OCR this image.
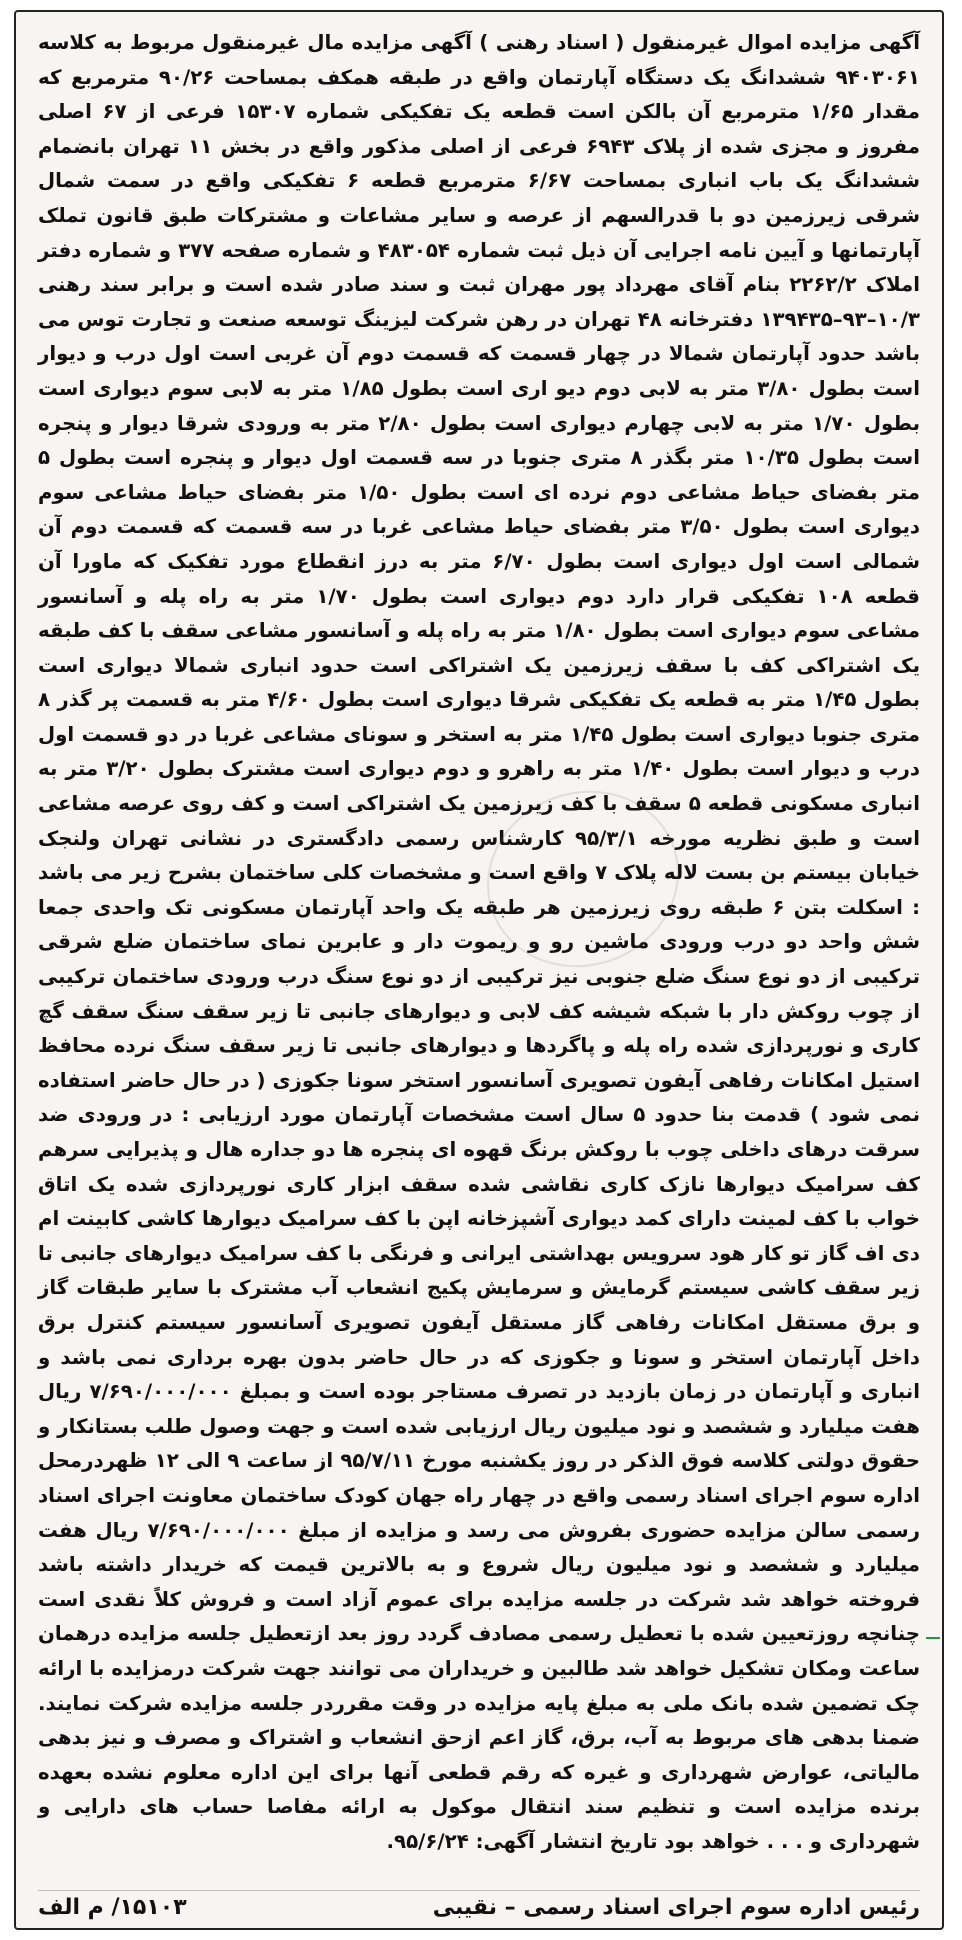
آگهی مزایده اموال غیرمنقول ( اسناد رهنی ) آگهی مزایده مال غیرمنقول مربوط به کلاسه ۹۴۰۳۰۶۱ ششدانگ یک دستگاه آپارتمان واقع در طبقه همکف بمساحت ۹۰/۲۶ مترمربع که مقدار ۱/۶۵ مترمربع آن بالکن است قطعه یک تفکیکی شماره ۱۵۳۰۷ فرعی از ۶۷ اصلی مفروز و مجزی شده از پلاک ۶۹۴۳ فرعی از اصلی مذکور واقع در بخش ۱۱ تهران بانضمام ششدانگ یک باب انباری بمساحت ۶/۶۷ مترمربع قطعه ۶ تفکیکی واقع در سمت شمال شرقی زیرزمین دو با قدرالسهم از عرصه و سایر مشاعات و مشترکات طبق قانون تملک آپارتمانها و آیین نامه اجرایی آن ذیل ثبت شماره ۴۸۳۰۵۴ و شماره صفحه ۳۷۷ و شماره دفتر املاک ۲۲۶۲/۲ بنام آقای مهرداد پور مهران ثبت و سند صادر شده است و برابر سند رهنی ۱۰/۳–۹۳–۱۳۹۴۳۵ دفترخانه ۴۸ تهران در رهن شرکت لیزینگ توسعه صنعت و تجارت توس می باشد حدود آپارتمان شمالا در چهار قسمت که قسمت دوم آن غربی است اول درب و دیوار است بطول ۳/۸۰ متر به لابی دوم دیو اری است بطول ۱/۸۵ متر به لابی سوم دیواری است بطول ۱/۷۰ متر به لابی چهارم دیواری است بطول ۲/۸۰ متر به ورودی شرقا دیوار و پنجره است بطول ۱۰/۳۵ متر بگذر ۸ متری جنوبا در سه قسمت اول دیوار و پنجره است بطول ۵ متر بفضای حیاط مشاعی دوم نرده ای است بطول ۱/۵۰ متر بفضای حیاط مشاعی سوم دیواری است بطول ۳/۵۰ متر بفضای حیاط مشاعی غربا در سه قسمت که قسمت دوم آن شمالی است اول دیواری است بطول ۶/۷۰ متر به درز انقطاع مورد تفکیک که ماورا آن قطعه ۱۰۸ تفکیکی قرار دارد دوم دیواری است بطول ۱/۷۰ متر به راه پله و آسانسور مشاعی سوم دیواری است بطول ۱/۸۰ متر به راه پله و آسانسور مشاعی سقف با کف طبقه یک اشتراکی کف با سقف زیرزمین یک اشتراکی است حدود انباری شمالا دیواری است بطول ۱/۴۵ متر به قطعه یک تفکیکی شرقا دیواری است بطول ۴/۶۰ متر به قسمت پر گذر ۸ متری جنوبا دیواری است بطول ۱/۴۵ متر به استخر و سونای مشاعی غربا در دو قسمت اول درب و دیوار است بطول ۱/۴۰ متر به راهرو و دوم دیواری است مشترک بطول ۳/۲۰ متر به انباری مسکونی قطعه ۵ سقف با کف زیرزمین یک اشتراکی است و کف روی عرصه مشاعی است و طبق نظریه مورخه ۹۵/۳/۱ کارشناس رسمی دادگستری در نشانی تهران ولنجک خیابان بیستم بن بست لاله پلاک ۷ واقع است و مشخصات کلی ساختمان بشرح زیر می باشد : اسکلت بتن ۶ طبقه روی زیرزمین هر طبقه یک واحد آپارتمان مسکونی تک واحدی جمعا شش واحد دو درب ورودی ماشین رو و ریموت دار و عابرین نمای ساختمان ضلع شرقی ترکیبی از دو نوع سنگ ضلع جنوبی نیز ترکیبی از دو نوع سنگ درب ورودی ساختمان ترکیبی از چوب روکش دار با شبکه شیشه کف لابی و دیوارهای جانبی تا زیر سقف سنگ سقف گچ کاری و نورپردازی شده راه پله و پاگردها و دیوارهای جانبی تا زیر سقف سنگ نرده محافظ استیل امکانات رفاهی آیفون تصویری آسانسور استخر سونا جکوزی ( در حال حاضر استفاده نمی شود ) قدمت بنا حدود ۵ سال است مشخصات آپارتمان مورد ارزیابی : در ورودی ضد سرقت درهای داخلی چوب با روکش برنگ قهوه ای پنجره ها دو جداره هال و پذیرایی سرهم کف سرامیک دیوارها نازک کاری نقاشی شده سقف ابزار کاری نورپردازی شده یک اتاق خواب با کف لمینت دارای کمد دیواری آشپزخانه اپن با کف سرامیک دیوارها کاشی کابینت ام دی اف گاز تو کار هود سرویس بهداشتی ایرانی و فرنگی با کف سرامیک دیوارهای جانبی تا زیر سقف کاشی سیستم گرمایش و سرمایش پکیج انشعاب آب مشترک با سایر طبقات گاز و برق مستقل امکانات رفاهی گاز مستقل آیفون تصویری آسانسور سیستم کنترل برق داخل آپارتمان استخر و سونا و جکوزی که در حال حاضر بدون بهره برداری نمی باشد و انباری و آپارتمان در زمان بازدید در تصرف مستاجر بوده است و بمبلغ ۷/۶۹۰/۰۰۰/۰۰۰ ریال هفت میلیارد و ششصد و نود میلیون ریال ارزیابی شده است و جهت وصول طلب بستانکار و حقوق دولتی کلاسه فوق الذکر در روز یکشنبه مورخ ۹۵/۷/۱۱ از ساعت ۹ الی ۱۲ ظهردرمحل اداره سوم اجرای اسناد رسمی واقع در چهار راه جهان کودک ساختمان معاونت اجرای اسناد رسمی سالن مزایده حضوری بفروش می رسد و مزایده از مبلغ ۷/۶۹۰/۰۰۰/۰۰۰ ریال هفت میلیارد و ششصد و نود میلیون ریال شروع و به بالاترین قیمت که خریدار داشته باشد فروخته خواهد شد شرکت در جلسه مزایده برای عموم آزاد است و فروش کلاً نقدی است چنانچه روزتعیین شده با تعطیل رسمی مصادف گردد روز بعد ازتعطیل جلسه مزایده درهمان ساعت ومکان تشکیل خواهد شد طالبین و خریداران می توانند جهت شرکت درمزایده با ارائه چک تضمین شده بانک ملی به مبلغ پایه مزایده در وقت مقرردر جلسه مزایده شرکت نمایند. ضمنا بدهی های مربوط به آب، برق، گاز اعم ازحق انشعاب و اشتراک و مصرف و نیز بدهی مالیاتی، عوارض شهرداری و غیره که رقم قطعی آنها برای این اداره معلوم نشده بعهده برنده مزایده است و تنظیم سند انتقال موکول به ارائه مفاصا حساب های دارایی و شهرداری و . . . خواهد بود تاریخ انتشار آگهی: ۹۵/۶/۲۴.

رئیس اداره سوم اجرای اسناد رسمی – نقیبی
۱۵۱۰۳/ م الف
